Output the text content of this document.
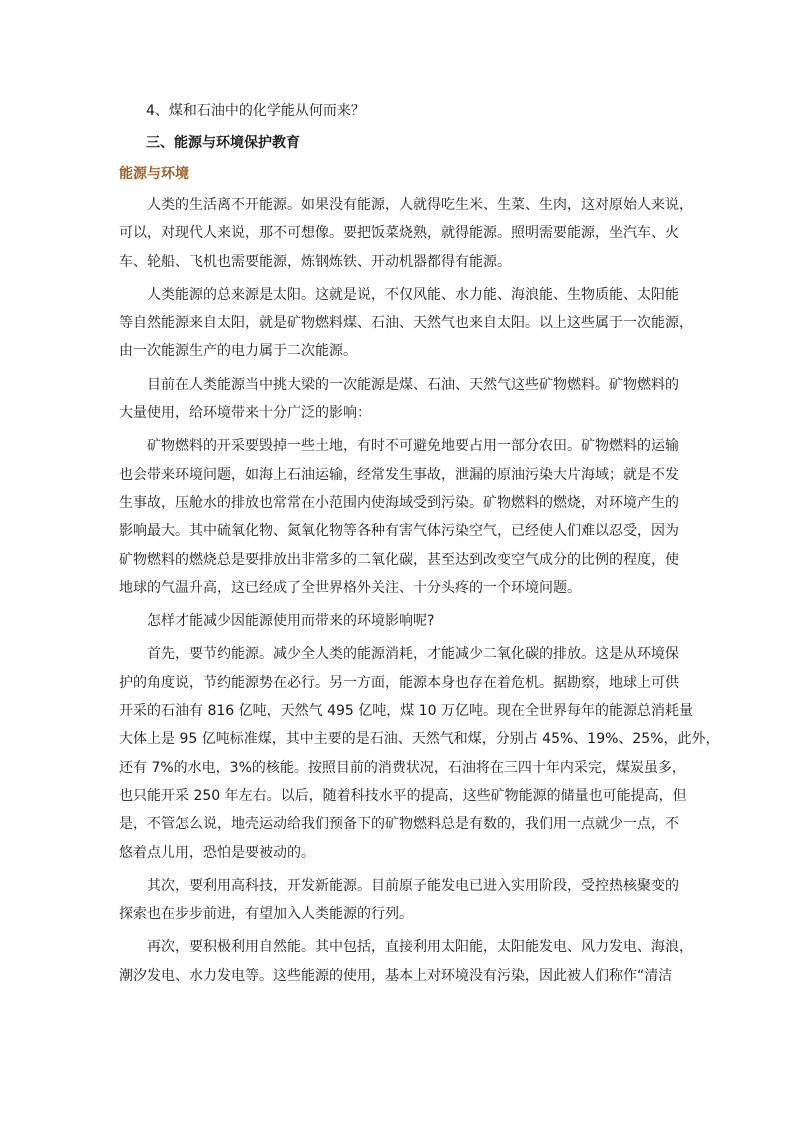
4、煤和石油中的化学能从何而来？
三、能源与环境保护教育
能源与环境
人类的生活离不开能源。如果没有能源，人就得吃生米、生菜、生肉，这对原始人来说，
可以，对现代人来说，那不可想像。要把饭菜烧熟，就得能源。照明需要能源，坐汽车、火
车、轮船、飞机也需要能源，炼钢炼铁、开动机器都得有能源。
人类能源的总来源是太阳。这就是说，不仅风能、水力能、海浪能、生物质能、太阳能
等自然能源来自太阳，就是矿物燃料煤、石油、天然气也来自太阳。以上这些属于一次能源，
由一次能源生产的电力属于二次能源。
目前在人类能源当中挑大梁的一次能源是煤、石油、天然气这些矿物燃料。矿物燃料的
大量使用，给环境带来十分广泛的影响：
矿物燃料的开采要毁掉一些土地，有时不可避免地要占用一部分农田。矿物燃料的运输
也会带来环境问题，如海上石油运输，经常发生事故，泄漏的原油污染大片海域；就是不发
生事故，压舱水的排放也常常在小范围内使海域受到污染。矿物燃料的燃烧，对环境产生的
影响最大。其中硫氧化物、氮氧化物等各种有害气体污染空气，已经使人们难以忍受，因为
矿物燃料的燃烧总是要排放出非常多的二氧化碳，甚至达到改变空气成分的比例的程度，使
地球的气温升高，这已经成了全世界格外关注、十分头疼的一个环境问题。
怎样才能减少因能源使用而带来的环境影响呢?
首先，要节约能源。减少全人类的能源消耗，才能减少二氧化碳的排放。这是从环境保
护的角度说，节约能源势在必行。另一方面，能源本身也存在着危机。据勘察，地球上可供
开采的石油有 816 亿吨，天然气 495 亿吨，煤 10 万亿吨。现在全世界每年的能源总消耗量
大体上是 95 亿吨标准煤，其中主要的是石油、天然气和煤，分别占 45%、19%、25%，此外，
还有 7%的水电，3%的核能。按照目前的消费状况，石油将在三四十年内采完，煤炭虽多，
也只能开采 250 年左右。以后，随着科技水平的提高，这些矿物能源的储量也可能提高，但
是，不管怎么说，地壳运动给我们预备下的矿物燃料总是有数的，我们用一点就少一点，不
悠着点儿用，恐怕是要被动的。
其次，要利用高科技，开发新能源。目前原子能发电已进入实用阶段，受控热核聚变的
探索也在步步前进，有望加入人类能源的行列。
再次，要积极利用自然能。其中包括，直接利用太阳能，太阳能发电、风力发电、海浪，
潮汐发电、水力发电等。这些能源的使用，基本上对环境没有污染，因此被人们称作“清洁
